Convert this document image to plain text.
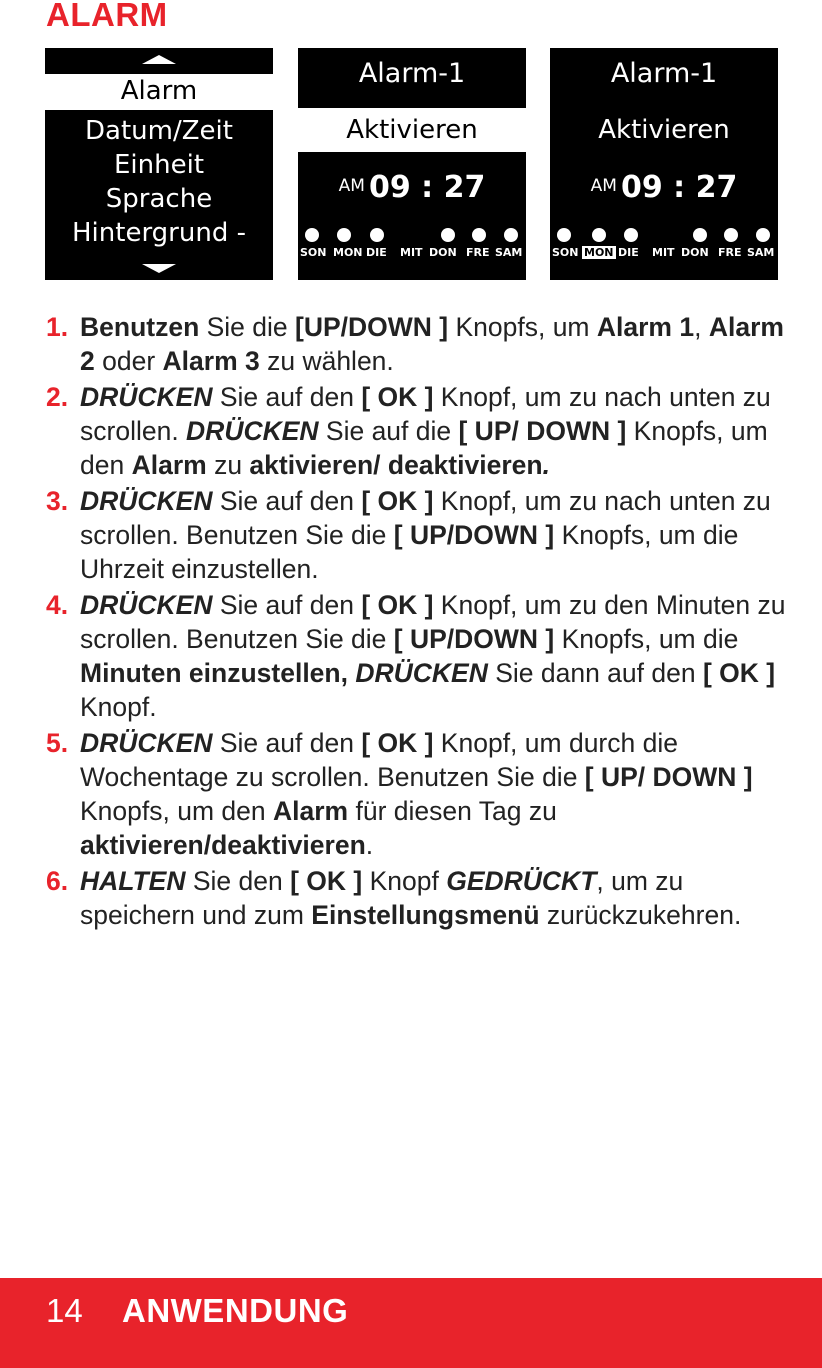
ALARM
Alarm
Datum/Zeit
Einheit
Sprache
Hintergrund -
Alarm-1
Aktivieren
AM 09 : 27
SON MON DIE MIT DON FRE SAM
Alarm-1
Aktivieren
AM 09 : 27
SON MON DIE MIT DON FRE SAM
1. Benutzen Sie die [UP/DOWN ] Knopfs, um Alarm 1, Alarm 2 oder Alarm 3 zu wählen.
2. DRÜCKEN Sie auf den [ OK ] Knopf, um zu nach unten zu scrollen. DRÜCKEN Sie auf die [ UP/ DOWN ] Knopfs, um den Alarm zu aktivieren/ deaktivieren.
3. DRÜCKEN Sie auf den [ OK ] Knopf, um zu nach unten zu scrollen. Benutzen Sie die [ UP/DOWN ] Knopfs, um die Uhrzeit einzustellen.
4. DRÜCKEN Sie auf den [ OK ] Knopf, um zu den Minuten zu scrollen. Benutzen Sie die [ UP/DOWN ] Knopfs, um die Minuten einzustellen, DRÜCKEN Sie dann auf den [ OK ] Knopf.
5. DRÜCKEN Sie auf den [ OK ] Knopf, um durch die Wochentage zu scrollen. Benutzen Sie die [ UP/ DOWN ] Knopfs, um den Alarm für diesen Tag zu aktivieren/deaktivieren.
6. HALTEN Sie den [ OK ] Knopf GEDRÜCKT, um zu speichern und zum Einstellungsmenü zurückzukehren.
14 ANWENDUNG
